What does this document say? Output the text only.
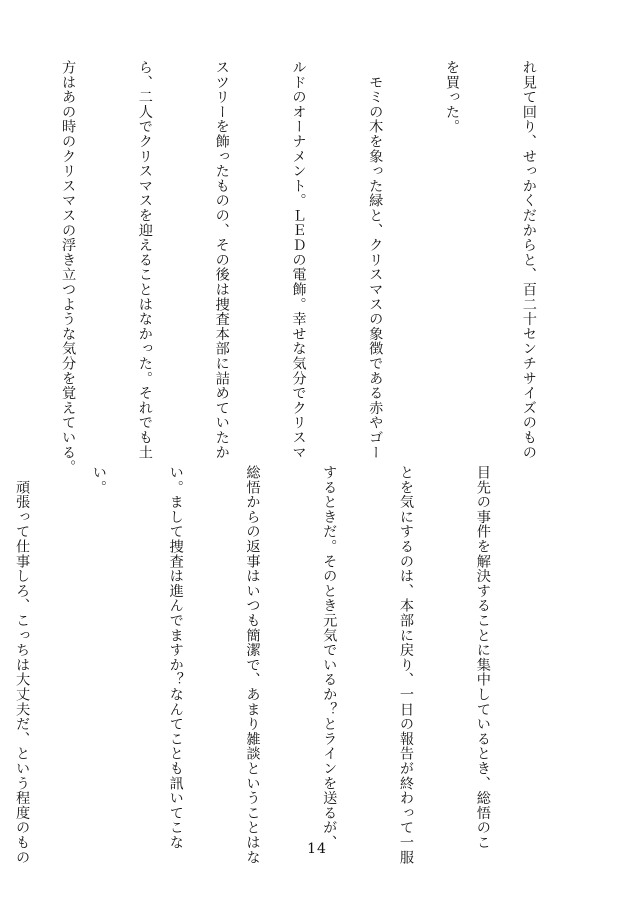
れ見て回り、せっかくだからと、百二十センチサイズのもの

を買った。

　モミの木を象った緑と、クリスマスの象徴である赤やゴー

ルドのオーナメント。ＬＥＤの電飾。幸せな気分でクリスマ

スツリーを飾ったものの、その後は捜査本部に詰めていたか

ら、二人でクリスマスを迎えることはなかった。それでも土

方はあの時のクリスマスの浮き立つような気分を覚えている。

目先の事件を解決することに集中しているとき、総悟のこ

とを気にするのは、本部に戻り、一日の報告が終わって一服

するときだ。そのとき元気でいるか？とラインを送るが、

総悟からの返事はいつも簡潔で、あまり雑談ということはな

い。まして捜査は進んでますか？なんてことも訊いてこな

い。

　頑張って仕事しろ、こっちは大丈夫だ、という程度のもの

	14
